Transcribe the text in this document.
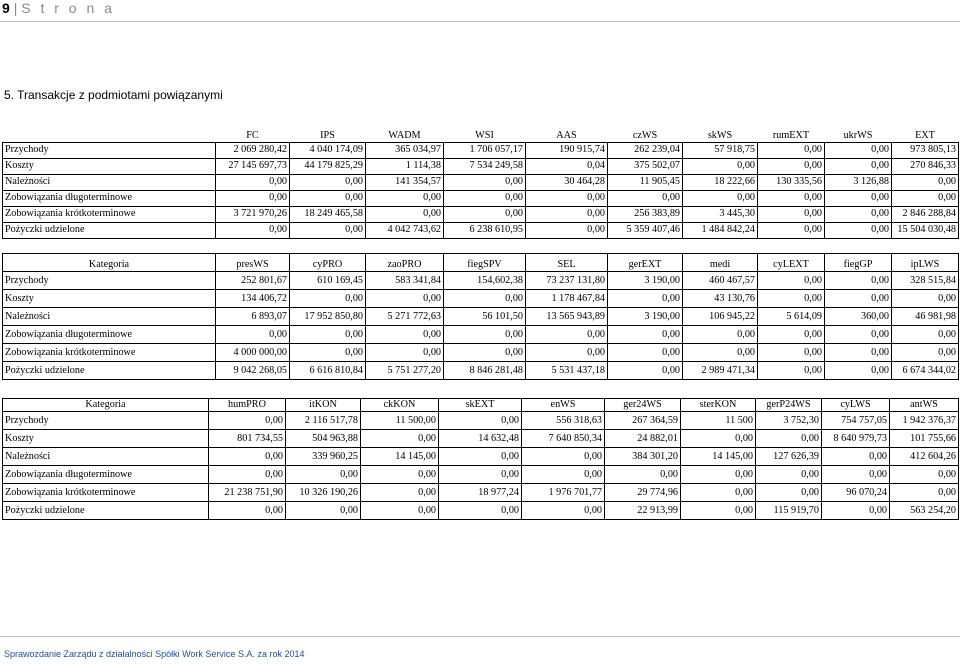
9 | S t r o n a
5. Transakcje z podmiotami powiązanymi
	FC	IPS	WADM	WSI	AAS	czWS	skWS	rumEXT	ukrWS	EXT
Przychody	2 069 280,42	4 040 174,09	365 034,97	1 706 057,17	190 915,74	262 239,04	57 918,75	0,00	0,00	973 805,13
Koszty	27 145 697,73	44 179 825,29	1 114,38	7 534 249,58	0,04	375 502,07	0,00	0,00	0,00	270 846,33
Należności	0,00	0,00	141 354,57	0,00	30 464,28	11 905,45	18 222,66	130 335,56	3 126,88	0,00
Zobowiązania długoterminowe	0,00	0,00	0,00	0,00	0,00	0,00	0,00	0,00	0,00	0,00
Zobowiązania krótkoterminowe	3 721 970,26	18 249 465,58	0,00	0,00	0,00	256 383,89	3 445,30	0,00	0,00	2 846 288,84
Pożyczki udzielone	0,00	0,00	4 042 743,62	6 238 610,95	0,00	5 359 407,46	1 484 842,24	0,00	0,00	15 504 030,48
Kategoria	presWS	cyPRO	zaoPRO	fiegSPV	SEL	gerEXT	medi	cyLEXT	fiegGP	ipLWS
Przychody	252 801,67	610 169,45	583 341,84	154,602,38	73 237 131,80	3 190,00	460 467,57	0,00	0,00	328 515,84
Koszty	134 406,72	0,00	0,00	0,00	1 178 467,84	0,00	43 130,76	0,00	0,00	0,00
Należności	6 893,07	17 952 850,80	5 271 772,63	56 101,50	13 565 943,89	3 190,00	106 945,22	5 614,09	360,00	46 981,98
Zobowiązania długoterminowe	0,00	0,00	0,00	0,00	0,00	0,00	0,00	0,00	0,00	0,00
Zobowiązania krótkoterminowe	4 000 000,00	0,00	0,00	0,00	0,00	0,00	0,00	0,00	0,00	0,00
Pożyczki udzielone	9 042 268,05	6 616 810,84	5 751 277,20	8 846 281,48	5 531 437,18	0,00	2 989 471,34	0,00	0,00	6 674 344,02
Kategoria	humPRO	itKON	ckKON	skEXT	enWS	ger24WS	sterKON	gerP24WS	cyLWS	antWS
Przychody	0,00	2 116 517,78	11 500,00	0,00	556 318,63	267 364,59	11 500	3 752,30	754 757,05	1 942 376,37
Koszty	801 734,55	504 963,88	0,00	14 632,48	7 640 850,34	24 882,01	0,00	0,00	8 640 979,73	101 755,66
Należności	0,00	339 960,25	14 145,00	0,00	0,00	384 301,20	14 145,00	127 626,39	0,00	412 604,26
Zobowiązania długoterminowe	0,00	0,00	0,00	0,00	0,00	0,00	0,00	0,00	0,00	0,00
Zobowiązania krótkoterminowe	21 238 751,90	10 326 190,26	0,00	18 977,24	1 976 701,77	29 774,96	0,00	0,00	96 070,24	0,00
Pożyczki udzielone	0,00	0,00	0,00	0,00	0,00	22 913,99	0,00	115 919,70	0,00	563 254,20
Sprawozdanie Zarządu z działalności Spółki Work Service S.A. za rok 2014
